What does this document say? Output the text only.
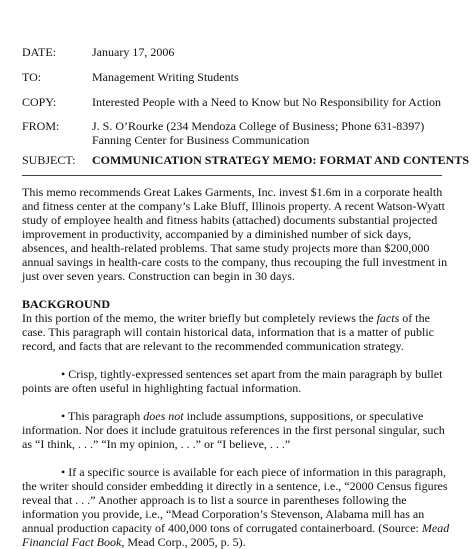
DATE:	January 17, 2006
TO:	Management Writing Students
COPY:	Interested People with a Need to Know but No Responsibility for Action
FROM:	J. S. O’Rourke (234 Mendoza College of Business; Phone 631-8397)
Fanning Center for Business Communication
SUBJECT: COMMUNICATION STRATEGY MEMO: FORMAT AND CONTENTS

This memo recommends Great Lakes Garments, Inc. invest $1.6m in a corporate health and fitness center at the company’s Lake Bluff, Illinois property. A recent Watson-Wyatt study of employee health and fitness habits (attached) documents substantial projected improvement in productivity, accompanied by a diminished number of sick days, absences, and health-related problems. That same study projects more than $200,000 annual savings in health-care costs to the company, thus recouping the full investment in just over seven years. Construction can begin in 30 days.

BACKGROUND

In this portion of the memo, the writer briefly but completely reviews the facts of the case. This paragraph will contain historical data, information that is a matter of public record, and facts that are relevant to the recommended communication strategy.

• Crisp, tightly-expressed sentences set apart from the main paragraph by bullet points are often useful in highlighting factual information.

• This paragraph does not include assumptions, suppositions, or speculative information. Nor does it include gratuitous references in the first personal singular, such as “I think, . . .” “In my opinion, . . .” or “I believe, . . .”

• If a specific source is available for each piece of information in this paragraph, the writer should consider embedding it directly in a sentence, i.e., “2000 Census figures reveal that . . .” Another approach is to list a source in parentheses following the information you provide, i.e., “Mead Corporation’s Stevenson, Alabama mill has an annual production capacity of 400,000 tons of corrugated containerboard. (Source: Mead Financial Fact Book, Mead Corp., 2005, p. 5).
